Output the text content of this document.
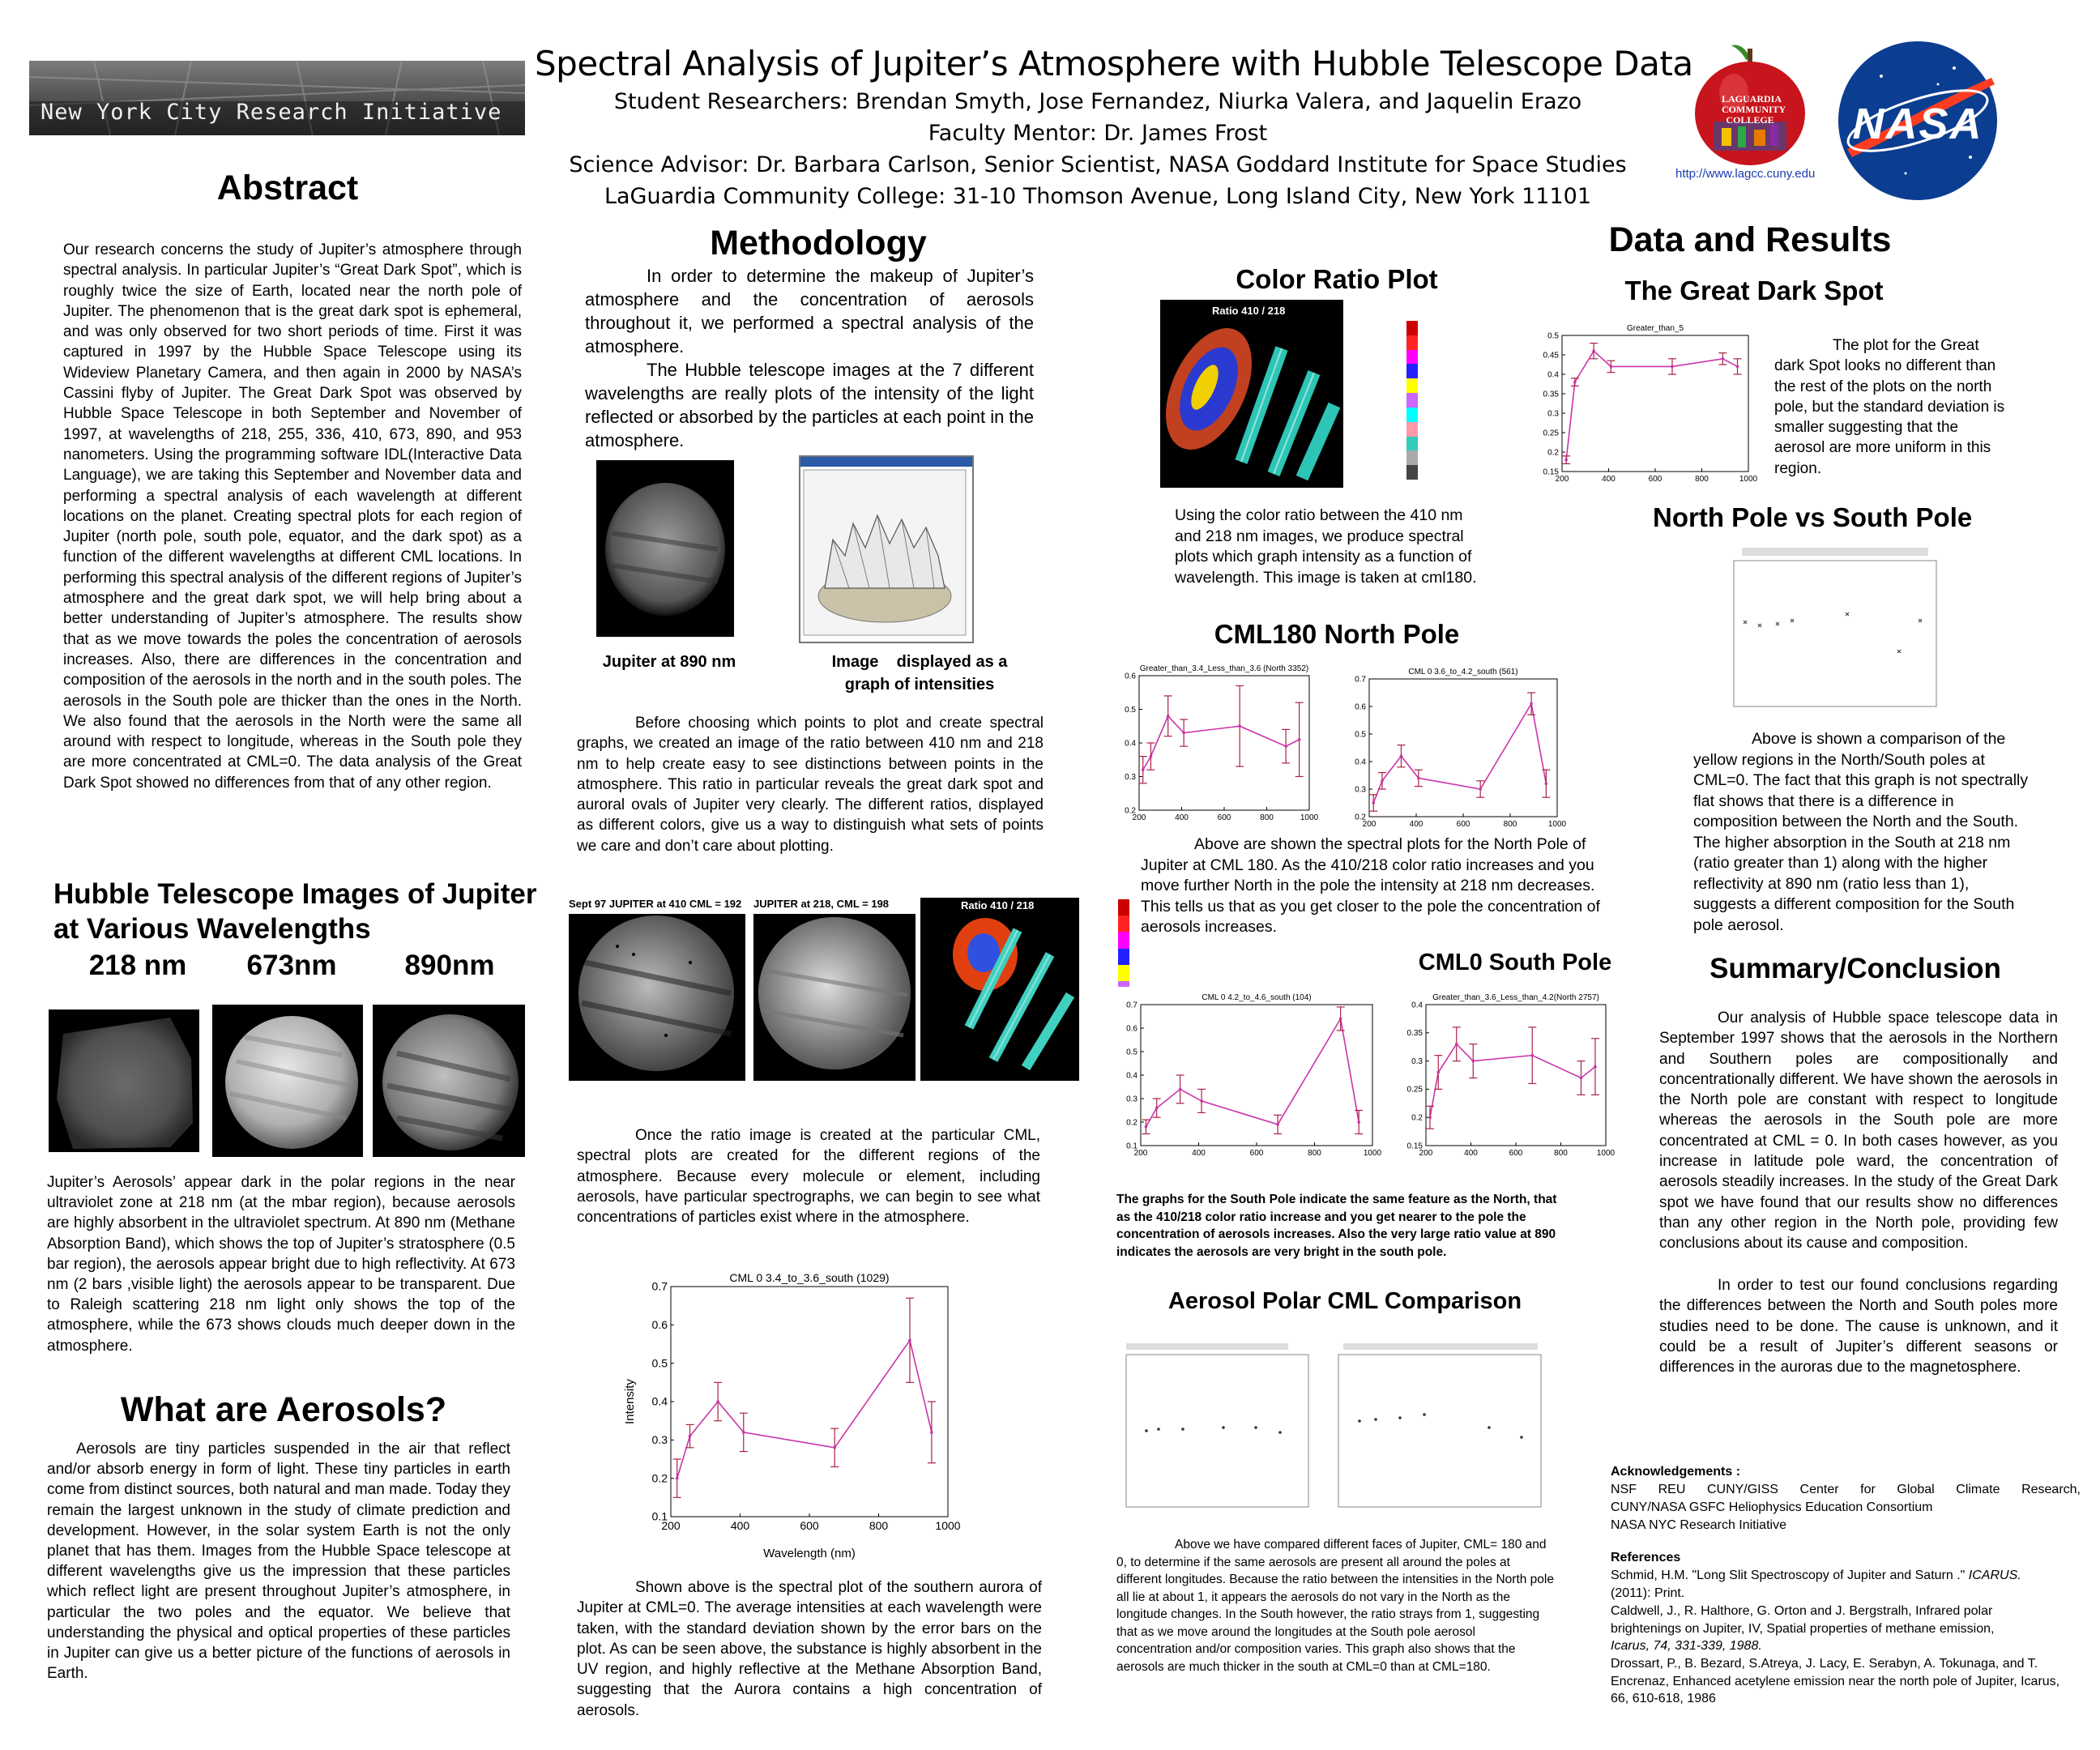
New York City Research Initiative
Spectral Analysis of Jupiter’s Atmosphere with Hubble Telescope Data
Student Researchers: Brendan Smyth, Jose Fernandez, Niurka Valera, and Jaquelin Erazo
Faculty Mentor: Dr. James Frost
Science Advisor: Dr. Barbara Carlson, Senior Scientist, NASA Goddard Institute for Space Studies
LaGuardia Community College: 31-10 Thomson Avenue, Long Island City, New York 11101
LAGUARDIA COMMUNITY COLLEGE
http://www.lagcc.cuny.edu
NASA
Abstract
Our research concerns the study of Jupiter’s atmosphere through spectral analysis. In particular Jupiter’s “Great Dark Spot”, which is roughly twice the size of Earth, located near the north pole of Jupiter. The phenomenon that is the great dark spot is ephemeral, and was only observed for two short periods of time. First it was captured in 1997 by the Hubble Space Telescope using its Wideview Planetary Camera, and then again in 2000 by NASA’s Cassini flyby of Jupiter. The Great Dark Spot was observed by Hubble Space Telescope in both September and November of 1997, at wavelengths of 218, 255, 336, 410, 673, 890, and 953 nanometers. Using the programming software IDL(Interactive Data Language), we are taking this September and November data and performing a spectral analysis of each wavelength at different locations on the planet. Creating spectral plots for each region of Jupiter (north pole, south pole, equator, and the dark spot) as a function of the different wavelengths at different CML locations. In performing this spectral analysis of the different regions of Jupiter’s atmosphere and the great dark spot, we will help bring about a better understanding of Jupiter’s atmosphere. The results show that as we move towards the poles the concentration of aerosols increases. Also, there are differences in the concentration and composition of the aerosols in the north and in the south poles. The aerosols in the South pole are thicker than the ones in the North. We also found that the aerosols in the North were the same all around with respect to longitude, whereas in the South pole they are more concentrated at CML=0. The data analysis of the Great Dark Spot showed no differences from that of any other region.
Hubble Telescope Images of Jupiter
at Various Wavelengths
218 nm	673nm	890nm
Jupiter’s Aerosols’ appear dark in the polar regions in the near ultraviolet zone at 218 nm (at the mbar region), because aerosols are highly absorbent in the ultraviolet spectrum. At 890 nm (Methane Absorption Band), which shows the top of Jupiter’s stratosphere (0.5 bar region), the aerosols appear bright due to high reflectivity. At 673 nm (2 bars ,visible light) the aerosols appear to be transparent. Due to Raleigh scattering 218 nm light only shows the top of the atmosphere, while the 673 shows clouds much deeper down in the atmosphere.
What are Aerosols?
Aerosols are tiny particles suspended in the air that reflect and/or absorb energy in form of light. These tiny particles in earth come from distinct sources, both natural and man made. Today they remain the largest unknown in the study of climate prediction and development. However, in the solar system Earth is not the only planet that has them. Images from the Hubble Space telescope at different wavelengths give us the impression that these particles which reflect light are present throughout Jupiter’s atmosphere, in particular the two poles and the equator. We believe that understanding the physical and optical properties of these particles in Jupiter can give us a better picture of the functions of aerosols in Earth.
Methodology
In order to determine the makeup of Jupiter’s atmosphere and the concentration of aerosols throughout it, we performed a spectral analysis of the atmosphere.
The Hubble telescope images at the 7 different wavelengths are really plots of the intensity of the light reflected or absorbed by the particles at each point in the atmosphere.
Jupiter at 890 nm	Image    displayed as a
graph of intensities
Before choosing which points to plot and create spectral graphs, we created an image of the ratio between 410 nm and 218 nm to help create easy to see distinctions between points in the atmosphere. This ratio in particular reveals the great dark spot and auroral ovals of Jupiter very clearly. The different ratios, displayed as different colors, give us a way to distinguish what sets of points we care and don’t care about plotting.
Sept 97 JUPITER at 410 CML = 192	JUPITER at 218, CML = 198	Ratio 410 / 218
Once the ratio image is created at the particular CML, spectral plots are created for the different regions of the atmosphere. Because every molecule or element, including aerosols, have particular spectrographs, we can begin to see what concentrations of particles exist where in the atmosphere.
CML 0 3.4_to_3.6_south (1029)
200	400	600	800	1000
0.1
0.2
0.3
0.4
0.5
0.6
0.7
Wavelength (nm)
Intensity
Shown above is the spectral plot of the southern aurora of Jupiter at CML=0. The average intensities at each wavelength were taken, with the standard deviation shown by the error bars on the plot. As can be seen above, the substance is highly absorbent in the UV region, and highly reflective at the Methane Absorption Band, suggesting that the Aurora contains a high concentration of aerosols.
Color Ratio Plot
Ratio 410 / 218
Using the color ratio between the 410 nm and 218 nm images, we produce spectral plots which graph intensity as a function of wavelength. This image is taken at cml180.
CML180 North Pole
Greater_than_3.4_Less_than_3.6 (North 3352)
200	400	600	800	1000
0.2
0.3
0.4
0.5
0.6	CML 0 3.6_to_4.2_south (561)
200	400	600	800	1000
0.2
0.3
0.4
0.5
0.6
0.7
Above are shown the spectral plots for the North Pole of Jupiter at CML 180. As the 410/218 color ratio increases and you move further North in the pole the intensity at 218 nm decreases. This tells us that as you get closer to the pole the concentration of aerosols increases.
CML0 South Pole
CML 0 4.2_to_4.6_south (104)
200	400	600	800	1000
0.1
0.2
0.3
0.4
0.5
0.6
0.7
Greater_than_3.6_Less_than_4.2(North 2757)
200	400	600	800	1000
0.15
0.2
0.25
0.3
0.35
0.4
The graphs for the South Pole indicate the same feature as the North, that as the 410/218 color ratio increase and you get nearer to the pole the concentration of aerosols increases. Also the very large ratio value at 890 indicates the aerosols are very bright in the south pole.
Aerosol Polar CML Comparison
Above we have compared different faces of Jupiter, CML= 180 and 0, to determine if the same aerosols are present all around the poles at different longitudes. Because the ratio between the intensities in the North pole all lie at about 1, it appears the aerosols do not vary in the North as the longitude changes. In the South however, the ratio strays from 1, suggesting that as we move around the longitudes at the South pole aerosol concentration and/or composition varies. This graph also shows that the aerosols are much thicker in the south at CML=0 than at CML=180.
Data and Results
The Great Dark Spot
Greater_than_5
200	400	600	800	1000
0.15
0.2
0.25
0.3
0.35
0.4
0.45
0.5
The plot for the Great dark Spot looks no different than the rest of the plots on the north pole, but the standard deviation is smaller suggesting that the aerosol are more uniform in this region.
North Pole vs South Pole
Above is shown a comparison of the yellow regions in the North/South poles at CML=0. The fact that this graph is not spectrally flat shows that there is a difference in composition between the North and the South. The higher absorption in the South at 218 nm (ratio greater than 1) along with the higher reflectivity at 890 nm (ratio less than 1), suggests a different composition for the South pole aerosol.
Summary/Conclusion
Our analysis of Hubble space telescope data in September 1997 shows that the aerosols in the Northern and Southern poles are compositionally and concentrationally different. We have shown the aerosols in the North pole are constant with respect to longitude whereas the aerosols in the South pole are more concentrated at CML = 0. In both cases however, as you increase in latitude pole ward, the concentration of aerosols steadily increases. In the study of the Great Dark spot we have found that our results show no differences than any other region in the North pole, providing few conclusions about its cause and composition.
In order to test our found conclusions regarding the differences between the North and South poles more studies need to be done. The cause is unknown, and it could be a result of Jupiter’s different seasons or differences in the auroras due to the magnetosphere.
Acknowledgements :
NSF REU CUNY/GISS Center for Global Climate Research,
CUNY/NASA GSFC Heliophysics Education Consortium
NASA NYC Research Initiative
References
Schmid, H.M. "Long Slit Spectroscopy of Jupiter and Saturn ." ICARUS.
(2011): Print.
Caldwell, J., R. Halthore, G. Orton and J. Bergstralh, Infrared polar brightenings on Jupiter, IV, Spatial properties of methane emission,
Icarus, 74, 331-339, 1988.
Drossart, P., B. Bezard, S.Atreya, J. Lacy, E. Serabyn, A. Tokunaga, and T. Encrenaz, Enhanced acetylene emission near the north pole of Jupiter, Icarus, 66, 610-618, 1986
